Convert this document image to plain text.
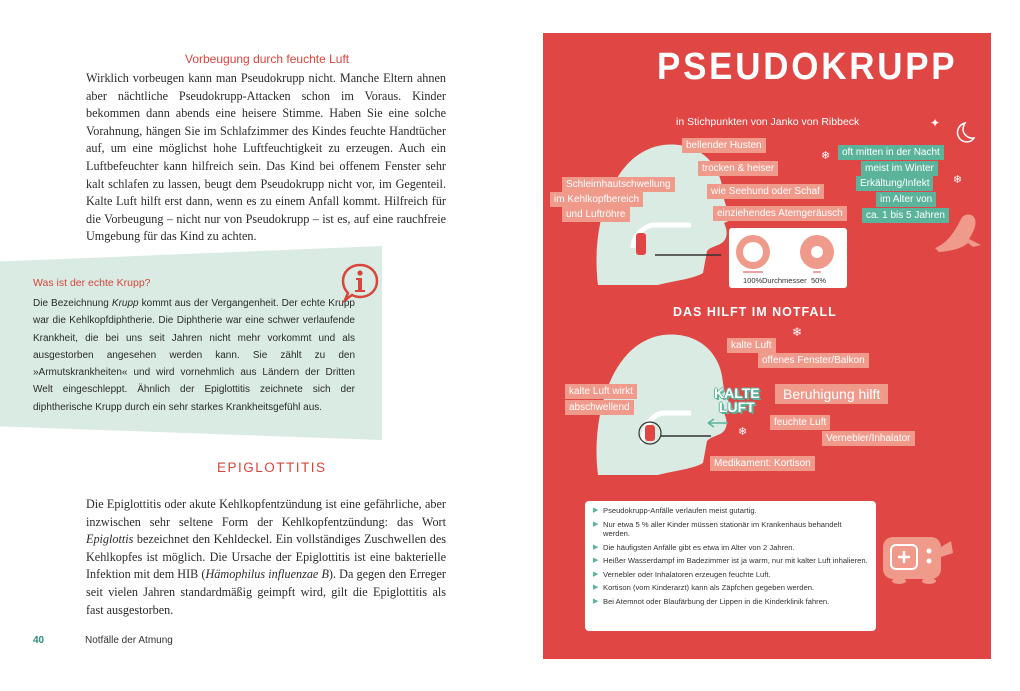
Vorbeugung durch feuchte Luft

Wirklich vorbeugen kann man Pseudokrupp nicht. Manche Eltern ahnen aber nächtliche Pseudokrupp-Attacken schon im Voraus. Kinder bekommen dann abends eine heisere Stimme. Haben Sie eine solche Vorahnung, hängen Sie im Schlafzimmer des Kindes feuchte Handtücher auf, um eine möglichst hohe Luftfeuchtigkeit zu erzeugen. Auch ein Luftbefeuchter kann hilfreich sein. Das Kind bei offenem Fenster sehr kalt schlafen zu lassen, beugt dem Pseudokrupp nicht vor, im Gegenteil. Kalte Luft hilft erst dann, wenn es zu einem Anfall kommt. Hilfreich für die Vorbeugung – nicht nur von Pseudokrupp – ist es, auf eine rauchfreie Umgebung für das Kind zu achten.

Was ist der echte Krupp?

Die Bezeichnung Krupp kommt aus der Vergangenheit. Der echte Krupp war die Kehlkopfdiphtherie. Die Diphtherie war eine schwer verlaufende Krankheit, die bei uns seit Jahren nicht mehr vorkommt und als ausgestorben angesehen werden kann. Sie zählt zu den »Armutskrankheiten« und wird vornehmlich aus Ländern der Dritten Welt eingeschleppt. Ähnlich der Epiglottitis zeichnete sich der diphtherische Krupp durch ein sehr starkes Krankheitsgefühl aus.

EPIGLOTTITIS

Die Epiglottitis oder akute Kehlkopfentzündung ist eine gefährliche, aber inzwischen sehr seltene Form der Kehlkopfentzündung: das Wort Epiglottis bezeichnet den Kehldeckel. Ein vollständiges Zuschwellen des Kehlkopfes ist möglich. Die Ursache der Epiglottitis ist eine bakterielle Infektion mit dem HIB (Hämophilus influenzae B). Da gegen den Erreger seit vielen Jahren standardmäßig geimpft wird, gilt die Epiglottitis als fast ausgestorben.

40	Notfälle der Atmung
PSEUDOKRUPP
in Stichpunkten von Janko von Ribbeck
❄
❄
❄
❄
✦
100% Durchmesser 50%
bellender Husten
trocken & heiser
wie Seehund oder Schaf
einziehendes Atemgeräusch
Schleimhautschwellung
im Kehlkopfbereich
und Luftröhre
oft mitten in der Nacht
meist im Winter
Erkältung/Infekt
im Alter von
ca. 1 bis 5 Jahren
DAS HILFT IM NOTFALL
kalte Luft
offenes Fenster/Balkon
kalte Luft wirkt
abschwellend
KALTE
LUFT
Beruhigung hilft
feuchte Luft
Vernebler/Inhalator
Medikament: Kortison
▶ Pseudokrupp-Anfälle verlaufen meist gutartig.
▶ Nur etwa 5 % aller Kinder müssen stationär im Krankenhaus behandelt werden.
▶ Die häufigsten Anfälle gibt es etwa im Alter von 2 Jahren.
▶ Heißer Wasserdampf im Badezimmer ist ja warm, nur mit kalter Luft inhalieren.
▶ Vernebler oder Inhalatoren erzeugen feuchte Luft.
▶ Kortison (vom Kinderarzt) kann als Zäpfchen gegeben werden.
▶ Bei Atemnot oder Blaufärbung der Lippen in die Kinderklinik fahren.
